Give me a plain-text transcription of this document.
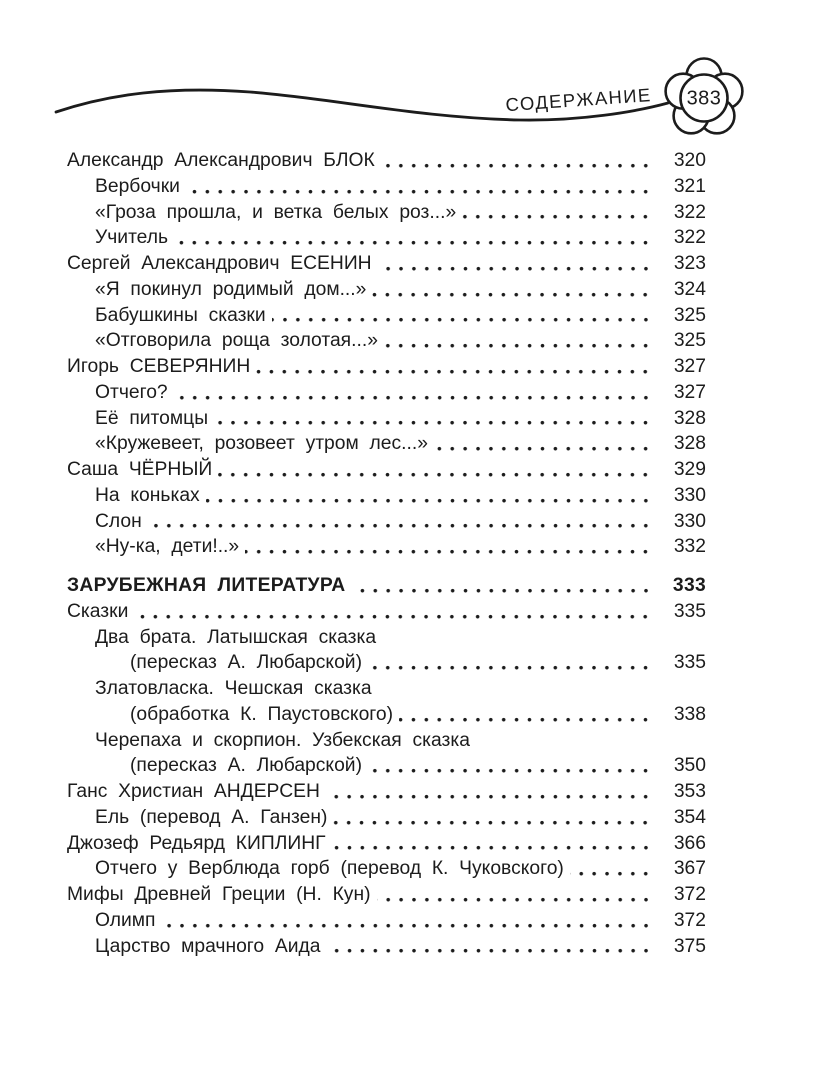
СОДЕРЖАНИЕ 383
Александр Александрович БЛОК	320
Вербочки	321
«Гроза прошла, и ветка белых роз...»	322
Учитель	322
Сергей Александрович ЕСЕНИН	323
«Я покинул родимый дом...»	324
Бабушкины сказки	325
«Отговорила роща золотая...»	325
Игорь СЕВЕРЯНИН	327
Отчего?	327
Её питомцы	328
«Кружевеет, розовеет утром лес...»	328
Саша ЧЁРНЫЙ	329
На коньках	330
Слон	330
«Ну-ка, дети!..»	332
ЗАРУБЕЖНАЯ ЛИТЕРАТУРА	333
Сказки	335
Два брата. Латышская сказка
(пересказ А. Любарской)	335
Златовласка. Чешская сказка
(обработка К. Паустовского)	338
Черепаха и скорпион. Узбекская сказка
(пересказ А. Любарской)	350
Ганс Христиан АНДЕРСЕН	353
Ель (перевод А. Ганзен)	354
Джозеф Редьярд КИПЛИНГ	366
Отчего у Верблюда горб (перевод К. Чуковского)	367
Мифы Древней Греции (Н. Кун)	372
Олимп	372
Царство мрачного Аида	375
